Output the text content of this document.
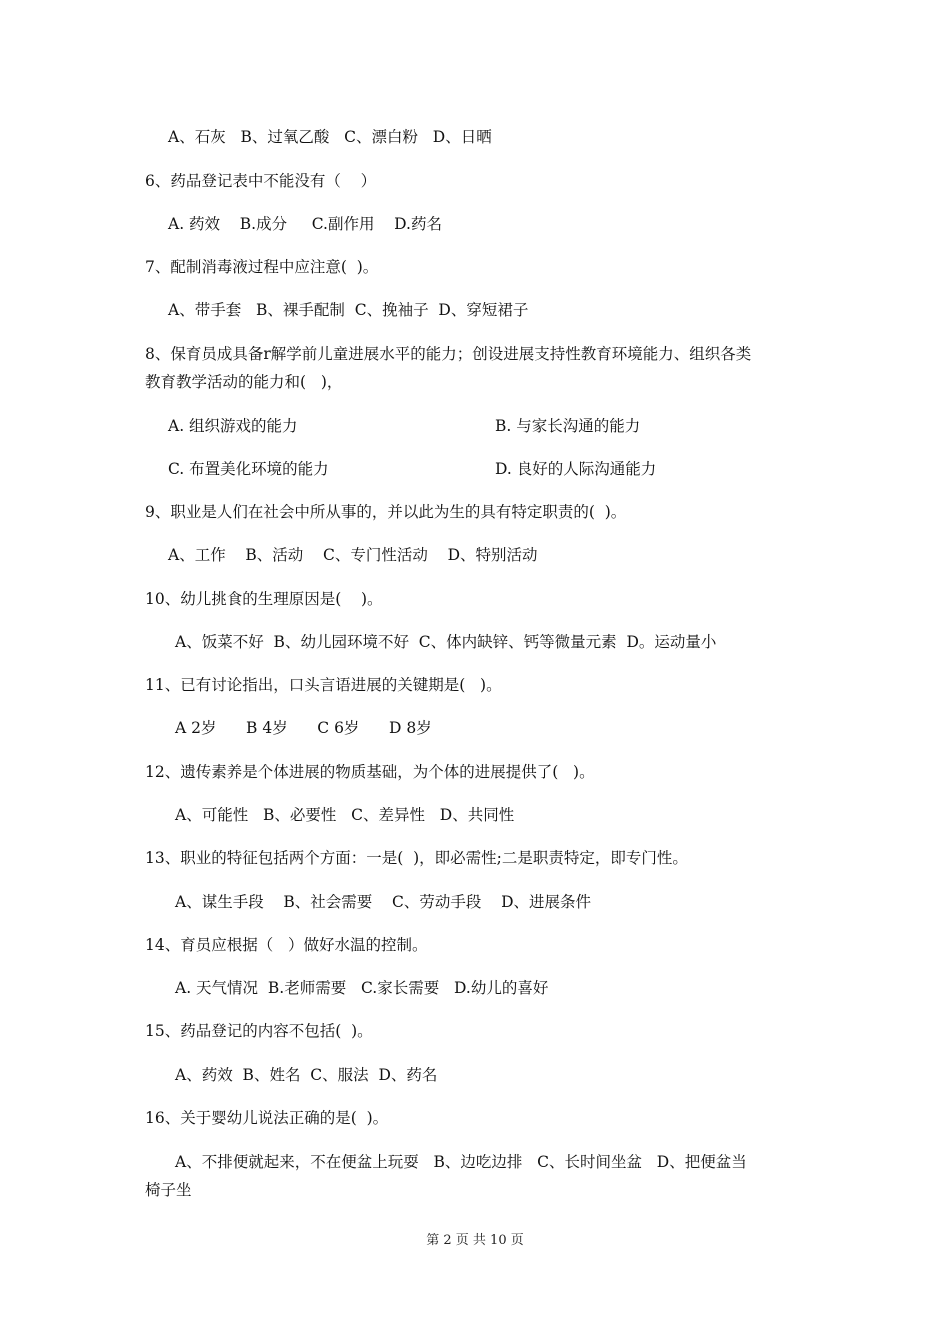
A、石灰   B、过氧乙酸   C、漂白粉   D、日晒
6、药品登记表中不能没有（    ）
A. 药效    B.成分     C.副作用    D.药名
7、配制消毒液过程中应注意(  )。
A、带手套   B、裸手配制  C、挽袖子  D、穿短裙子
8、保育员成具备r解学前儿童进展水平的能力；创设进展支持性教育环境能力、组织各类
教育教学活动的能力和(   )，
A. 组织游戏的能力	B. 与家长沟通的能力
C. 布置美化环境的能力	D. 良好的人际沟通能力
9、职业是人们在社会中所从事的，并以此为生的具有特定职责的(  )。
A、工作    B、活动    C、专门性活动    D、特别活动
10、幼儿挑食的生理原因是(    )。
A、饭菜不好  B、幼儿园环境不好  C、体内缺锌、钙等微量元素  D。运动量小
11、已有讨论指出，口头言语进展的关键期是(   )。
A 2岁      B 4岁      C 6岁      D 8岁
12、遗传素养是个体进展的物质基础，为个体的进展提供了(   )。
A、可能性   B、必要性   C、差异性   D、共同性
13、职业的特征包括两个方面：一是(  )，即必需性;二是职责特定，即专门性。
A、谋生手段    B、社会需要    C、劳动手段    D、进展条件
14、育员应根据（   ）做好水温的控制。
A. 天气情况  B.老师需要   C.家长需要   D.幼儿的喜好
15、药品登记的内容不包括(  )。
A、药效  B、姓名  C、服法  D、药名
16、关于婴幼儿说法正确的是(  )。
A、不排便就起来，不在便盆上玩耍   B、边吃边排   C、长时间坐盆   D、把便盆当
椅子坐
第 2 页 共 10 页
